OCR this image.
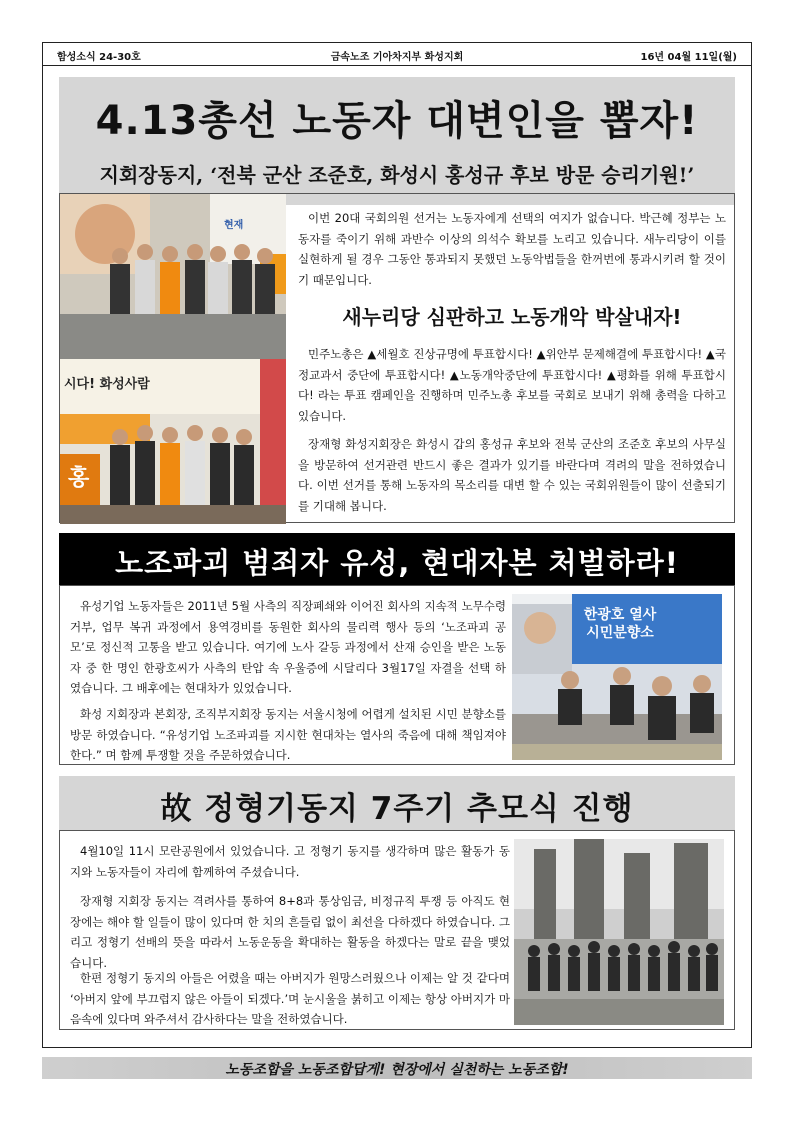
함성소식 24-30호	금속노조 기아차지부 화성지회	16년 04월 11일(월)
4.13총선 노동자 대변인을 뽑자!
지회장동지, ‘전북 군산 조준호, 화성시 홍성규 후보 방문 승리기원!’
현재
시다! 화성사람
홍

이번 20대 국회의원 선거는 노동자에게 선택의 여지가 없습니다. 박근혜 정부는 노동자를 죽이기 위해 과반수 이상의 의석수 확보를 노리고 있습니다. 새누리당이 이를 실현하게 될 경우 그동안 통과되지 못했던 노동악법들을 한꺼번에 통과시키려 할 것이기 때문입니다.

새누리당 심판하고 노동개악 박살내자!

민주노총은 ▲세월호 진상규명에 투표합시다! ▲위안부 문제해결에 투표합시다! ▲국정교과서 중단에 투표합시다! ▲노동개악중단에 투표합시다! ▲평화를 위해 투표합시다! 라는 투표 캠페인을 진행하며 민주노총 후보를 국회로 보내기 위해 총력을 다하고 있습니다.

장재형 화성지회장은 화성시 갑의 홍성규 후보와 전북 군산의 조준호 후보의 사무실을 방문하여 선거관련 반드시 좋은 결과가 있기를 바란다며 격려의 말을 전하였습니다. 이번 선거를 통해 노동자의 목소리를 대변 할 수 있는 국회위원들이 많이 선출되기를 기대해 봅니다.

노조파괴 범죄자 유성, 현대자본 처벌하라!

유성기업 노동자들은 2011년 5월 사측의 직장폐쇄와 이어진 회사의 지속적 노무수령 거부, 업무 복귀 과정에서 용역경비를 동원한 회사의 물리력 행사 등의 ‘노조파괴 공모’로 정신적 고통을 받고 있습니다. 여기에 노사 갈등 과정에서 산재 승인을 받은 노동자 중 한 명인 한광호씨가 사측의 탄압 속 우울증에 시달리다 3월17일 자결을 선택 하였습니다. 그 배후에는 현대차가 있었습니다.

화성 지회장과 본회장, 조직부지회장 동지는 서울시청에 어렵게 설치된 시민 분향소를 방문 하였습니다. “유성기업 노조파괴를 지시한 현대차는 열사의 죽음에 대해 책임져야 한다.” 며 함께 투쟁할 것을 주문하였습니다.

한광호 열사 시민분향소
故 정형기동지 7주기 추모식 진행

4월10일 11시 모란공원에서 있었습니다. 고 정형기 동지를 생각하며 많은 활동가 동지와 노동자들이 자리에 함께하여 주셨습니다.

장재형 지회장 동지는 격려사를 통하여 8+8과 통상임금, 비정규직 투쟁 등 아직도 현장에는 해야 할 일들이 많이 있다며 한 치의 흔들림 없이 최선을 다하겠다 하였습니다. 그리고 정형기 선배의 뜻을 따라서 노동운동을 확대하는 활동을 하겠다는 말로 끝을 맺었습니다.

한편 정형기 동지의 아들은 어렸을 때는 아버지가 원망스러웠으나 이제는 알 것 같다며 ‘아버지 앞에 부끄럽지 않은 아들이 되겠다.’며 눈시울을 붉히고 이제는 항상 아버지가 마음속에 있다며 와주셔서 감사하다는 말을 전하였습니다.

노동조합을 노동조합답게! 현장에서 실천하는 노동조합!
